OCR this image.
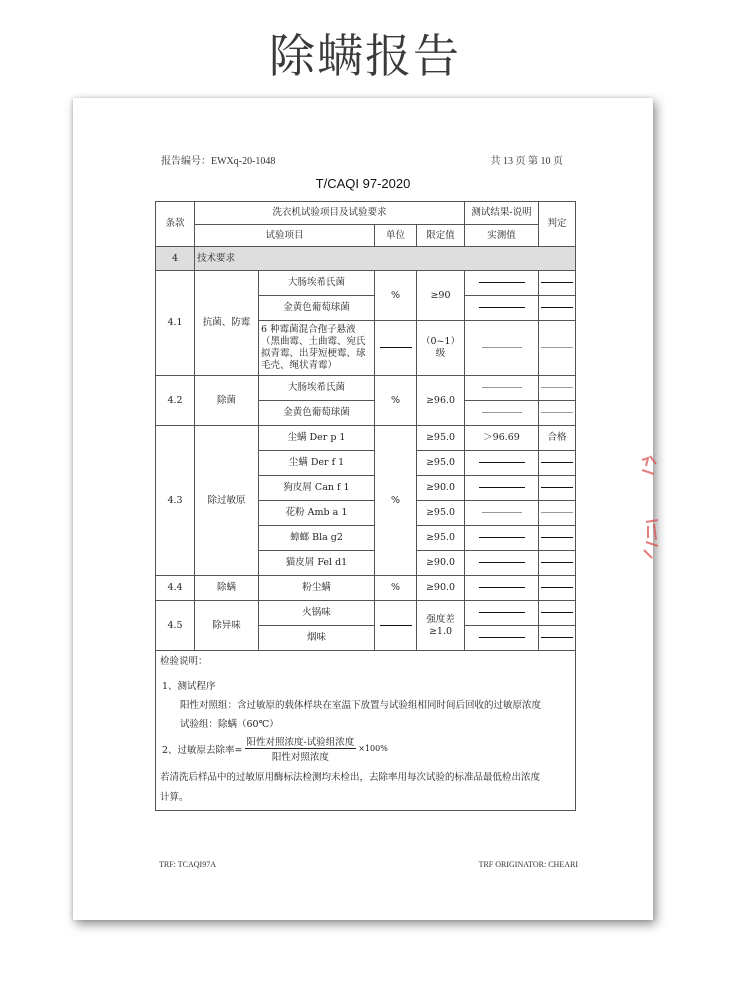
除螨报告
报告编号：EWXq-20-1048	共 13 页 第 10 页
T/CAQI 97-2020
条款	洗衣机试验项目及试验要求				测试结果-说明	判定
	试验项目		单位	限定值	实测值	
4	技术要求					
4.1	抗菌、防霉	大肠埃希氏菌	%	≥90		
		金黄色葡萄球菌				
		6 种霉菌混合孢子悬液（黑曲霉、土曲霉、宛氏拟青霉、出芽短梗霉、球毛壳、绳状青霉）		（0~1）级		
4.2	除菌	大肠埃希氏菌	%	≥96.0		
		金黄色葡萄球菌				
4.3	除过敏原	尘螨 Der p 1	%	≥95.0	＞96.69	合格
		尘螨 Der f 1		≥95.0		
		狗皮屑 Can f 1		≥90.0		
		花粉 Amb a 1		≥95.0		
		蟑螂 Bla g2		≥95.0		
		猫皮屑 Fel d1		≥90.0		
4.4	除螨	粉尘螨	%	≥90.0		
4.5	除异味	火锅味		强度差≥1.0		
		烟味				
检验说明：
1、测试程序
阳性对照组：含过敏原的载体样块在室温下放置与试验组相同时间后回收的过敏原浓度
试验组：除螨（60℃）
2、过敏原去除率= $\frac{\text{阳性对照浓度-试验组浓度}}{\text{阳性对照浓度}} \times 100\%$
若清洗后样品中的过敏原用酶标法检测均未检出，去除率用每次试验的标准品最低检出浓度
计算。
TRF: TCAQI97A	TRF ORIGINATOR: CHEARI
